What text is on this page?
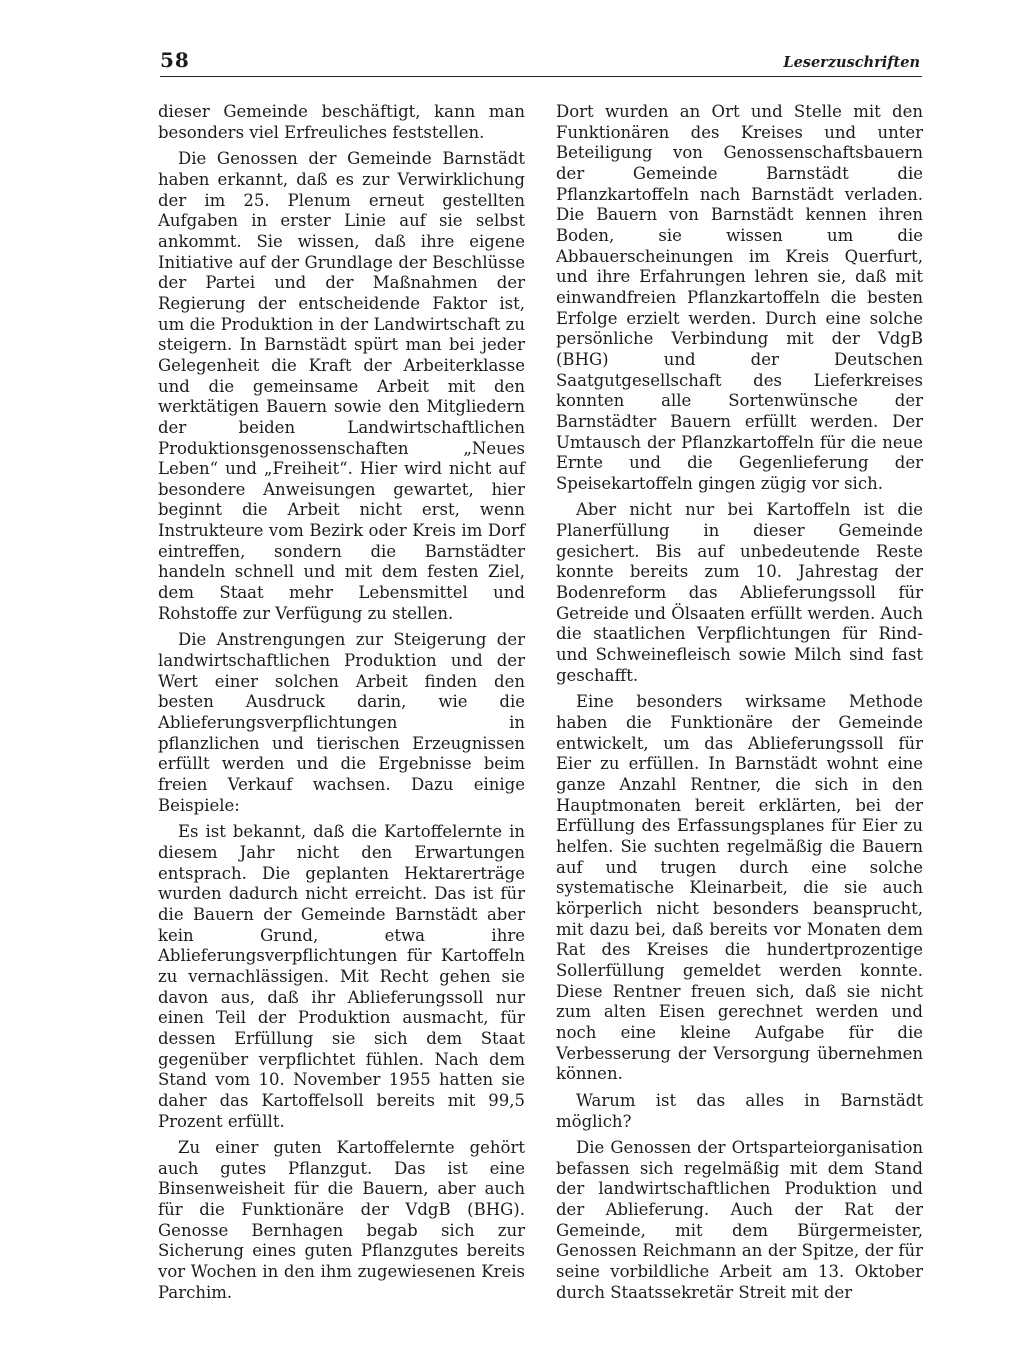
58	Leserzuschriften

dieser Gemeinde beschäftigt, kann man besonders viel Erfreuliches feststellen.

Die Genossen der Gemeinde Barnstädt haben erkannt, daß es zur Verwirklichung der im 25. Plenum erneut gestellten Aufgaben in erster Linie auf sie selbst ankommt. Sie wissen, daß ihre eigene Initiative auf der Grundlage der Beschlüsse der Partei und der Maßnahmen der Regierung der entscheidende Faktor ist, um die Produktion in der Landwirtschaft zu steigern. In Barnstädt spürt man bei jeder Gelegenheit die Kraft der Arbeiterklasse und die gemeinsame Arbeit mit den werktätigen Bauern sowie den Mitgliedern der beiden Landwirtschaftlichen Produktionsgenossenschaften „Neues Leben“ und „Freiheit“. Hier wird nicht auf besondere Anweisungen gewartet, hier beginnt die Arbeit nicht erst, wenn Instrukteure vom Bezirk oder Kreis im Dorf eintreffen, sondern die Barnstädter handeln schnell und mit dem festen Ziel, dem Staat mehr Lebensmittel und Rohstoffe zur Verfügung zu stellen.

Die Anstrengungen zur Steigerung der landwirtschaftlichen Produktion und der Wert einer solchen Arbeit finden den besten Ausdruck darin, wie die Ablieferungsverpflichtungen in pflanzlichen und tierischen Erzeugnissen erfüllt werden und die Ergebnisse beim freien Verkauf wachsen. Dazu einige Beispiele:

Es ist bekannt, daß die Kartoffelernte in diesem Jahr nicht den Erwartungen entsprach. Die geplanten Hektarerträge wurden dadurch nicht erreicht. Das ist für die Bauern der Gemeinde Barnstädt aber kein Grund, etwa ihre Ablieferungsverpflichtungen für Kartoffeln zu vernachlässigen. Mit Recht gehen sie davon aus, daß ihr Ablieferungssoll nur einen Teil der Produktion ausmacht, für dessen Erfüllung sie sich dem Staat gegenüber verpflichtet fühlen. Nach dem Stand vom 10. November 1955 hatten sie daher das Kartoffelsoll bereits mit 99,5 Prozent erfüllt.

Zu einer guten Kartoffelernte gehört auch gutes Pflanzgut. Das ist eine Binsenweisheit für die Bauern, aber auch für die Funktionäre der VdgB (BHG). Genosse Bernhagen begab sich zur Sicherung eines guten Pflanzgutes bereits vor Wochen in den ihm zugewiesenen Kreis Parchim.

Dort wurden an Ort und Stelle mit den Funktionären des Kreises und unter Beteiligung von Genossenschaftsbauern der Gemeinde Barnstädt die Pflanzkartoffeln nach Barnstädt verladen. Die Bauern von Barnstädt kennen ihren Boden, sie wissen um die Abbauerscheinungen im Kreis Querfurt, und ihre Erfahrungen lehren sie, daß mit einwandfreien Pflanzkartoffeln die besten Erfolge erzielt werden. Durch eine solche persönliche Verbindung mit der VdgB (BHG) und der Deutschen Saatgutgesellschaft des Lieferkreises konnten alle Sortenwünsche der Barnstädter Bauern erfüllt werden. Der Umtausch der Pflanzkartoffeln für die neue Ernte und die Gegenlieferung der Speisekartoffeln gingen zügig vor sich.

Aber nicht nur bei Kartoffeln ist die Planerfüllung in dieser Gemeinde gesichert. Bis auf unbedeutende Reste konnte bereits zum 10. Jahrestag der Bodenreform das Ablieferungssoll für Getreide und Ölsaaten erfüllt werden. Auch die staatlichen Verpflichtungen für Rind- und Schweinefleisch sowie Milch sind fast geschafft.

Eine besonders wirksame Methode haben die Funktionäre der Gemeinde entwickelt, um das Ablieferungssoll für Eier zu erfüllen. In Barnstädt wohnt eine ganze Anzahl Rentner, die sich in den Hauptmonaten bereit erklärten, bei der Erfüllung des Erfassungsplanes für Eier zu helfen. Sie suchten regelmäßig die Bauern auf und trugen durch eine solche systematische Kleinarbeit, die sie auch körperlich nicht besonders beansprucht, mit dazu bei, daß bereits vor Monaten dem Rat des Kreises die hundertprozentige Sollerfüllung gemeldet werden konnte. Diese Rentner freuen sich, daß sie nicht zum alten Eisen gerechnet werden und noch eine kleine Aufgabe für die Verbesserung der Versorgung übernehmen können.

Warum ist das alles in Barnstädt möglich?

Die Genossen der Ortsparteiorganisation befassen sich regelmäßig mit dem Stand der landwirtschaftlichen Produktion und der Ablieferung. Auch der Rat der Gemeinde, mit dem Bürgermeister, Genossen Reichmann an der Spitze, der für seine vorbildliche Arbeit am 13. Oktober durch Staatssekretär Streit mit der
